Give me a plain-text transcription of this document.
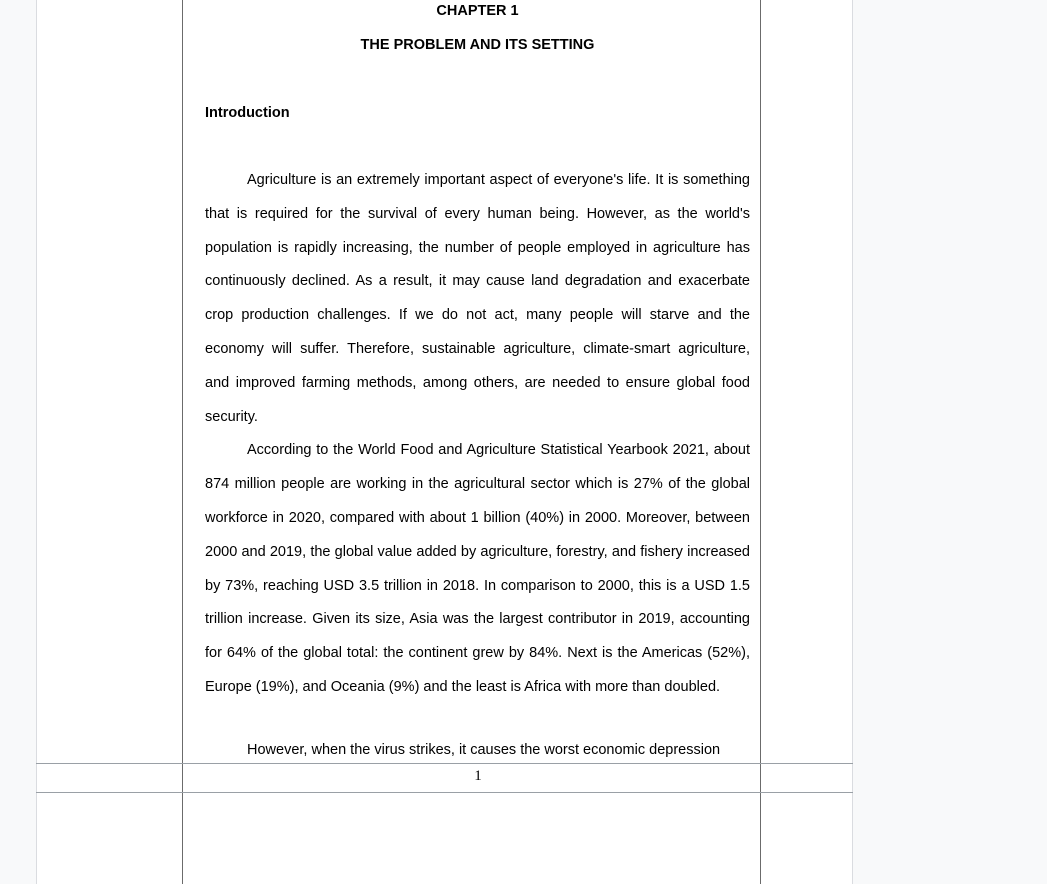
CHAPTER 1
THE PROBLEM AND ITS SETTING
Introduction

Agriculture is an extremely important aspect of everyone's life. It is something that is required for the survival of every human being. However, as the world's population is rapidly increasing, the number of people employed in agriculture has continuously declined. As a result, it may cause land degradation and exacerbate crop production challenges. If we do not act, many people will starve and the economy will suffer. Therefore, sustainable agriculture, climate-smart agriculture, and improved farming methods, among others, are needed to ensure global food security.

According to the World Food and Agriculture Statistical Yearbook 2021, about 874 million people are working in the agricultural sector which is 27% of the global workforce in 2020, compared with about 1 billion (40%) in 2000. Moreover, between 2000 and 2019, the global value added by agriculture, forestry, and fishery increased by 73%, reaching USD 3.5 trillion in 2018. In comparison to 2000, this is a USD 1.5 trillion increase. Given its size, Asia was the largest contributor in 2019, accounting for 64% of the global total: the continent grew by 84%. Next is the Americas (52%), Europe (19%), and Oceania (9%) and the least is Africa with more than doubled.

However, when the virus strikes, it causes the worst economic depression
1
